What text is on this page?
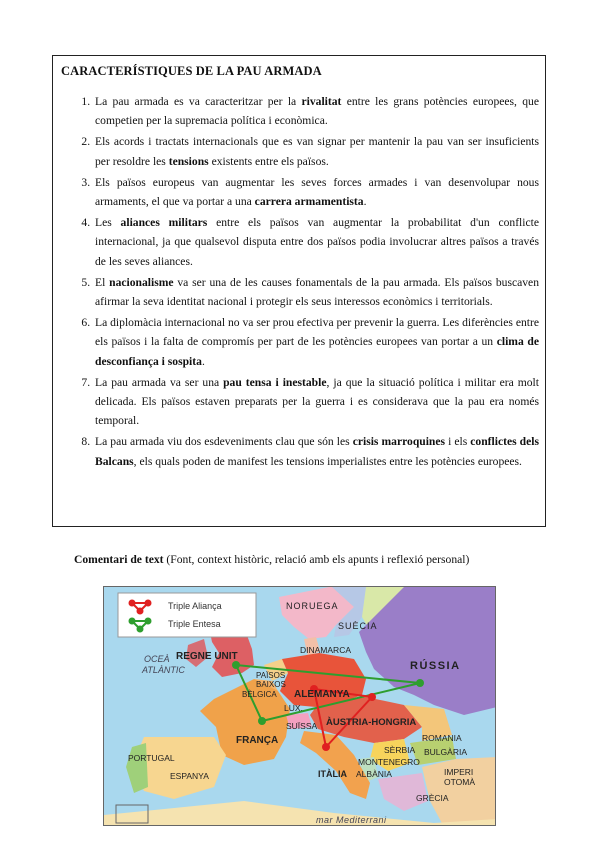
CARACTERÍSTIQUES DE LA PAU ARMADA
1. La pau armada es va caracteritzar per la rivalitat entre les grans potències europees, que competien per la supremacia política i econòmica.
2. Els acords i tractats internacionals que es van signar per mantenir la pau van ser insuficients per resoldre les tensions existents entre els països.
3. Els països europeus van augmentar les seves forces armades i van desenvolupar nous armaments, el que va portar a una carrera armamentista.
4. Les aliances militars entre els països van augmentar la probabilitat d'un conflicte internacional, ja que qualsevol disputa entre dos països podia involucrar altres països a través de les seves aliances.
5. El nacionalisme va ser una de les causes fonamentals de la pau armada. Els països buscaven afirmar la seva identitat nacional i protegir els seus interessos econòmics i territorials.
6. La diplomàcia internacional no va ser prou efectiva per prevenir la guerra. Les diferències entre els països i la falta de compromís per part de les potències europees van portar a un clima de desconfiança i sospita.
7. La pau armada va ser una pau tensa i inestable, ja que la situació política i militar era molt delicada. Els països estaven preparats per la guerra i es considerava que la pau era només temporal.
8. La pau armada viu dos esdeveniments clau que són les crisis marroquines i els conflictes dels Balcans, els quals poden de manifest les tensions imperialistes entre les potències europees.
Comentari de text (Font, context històric, relació amb els apunts i reflexió personal)
Triple Aliança
Triple Entesa
NORUEGA
SUÈCIA
REGNE UNIT
DINAMARCA
RÚSSIA
OCEÀ
ATLÀNTIC
PAÏSOS
BAIXOS
BÈLGICA ALEMANYA
LUX.
FRANÇA
SUÏSSA ÀUSTRIA-HONGRIA
ROMANIA
SÈRBIA BULGÀRIA
MONTENEGRO
PORTUGAL
ESPANYA	ITÀLIA ALBÀNIA	IMPERI
OTOMÀ
GRÈCIA
mar Mediterrani
